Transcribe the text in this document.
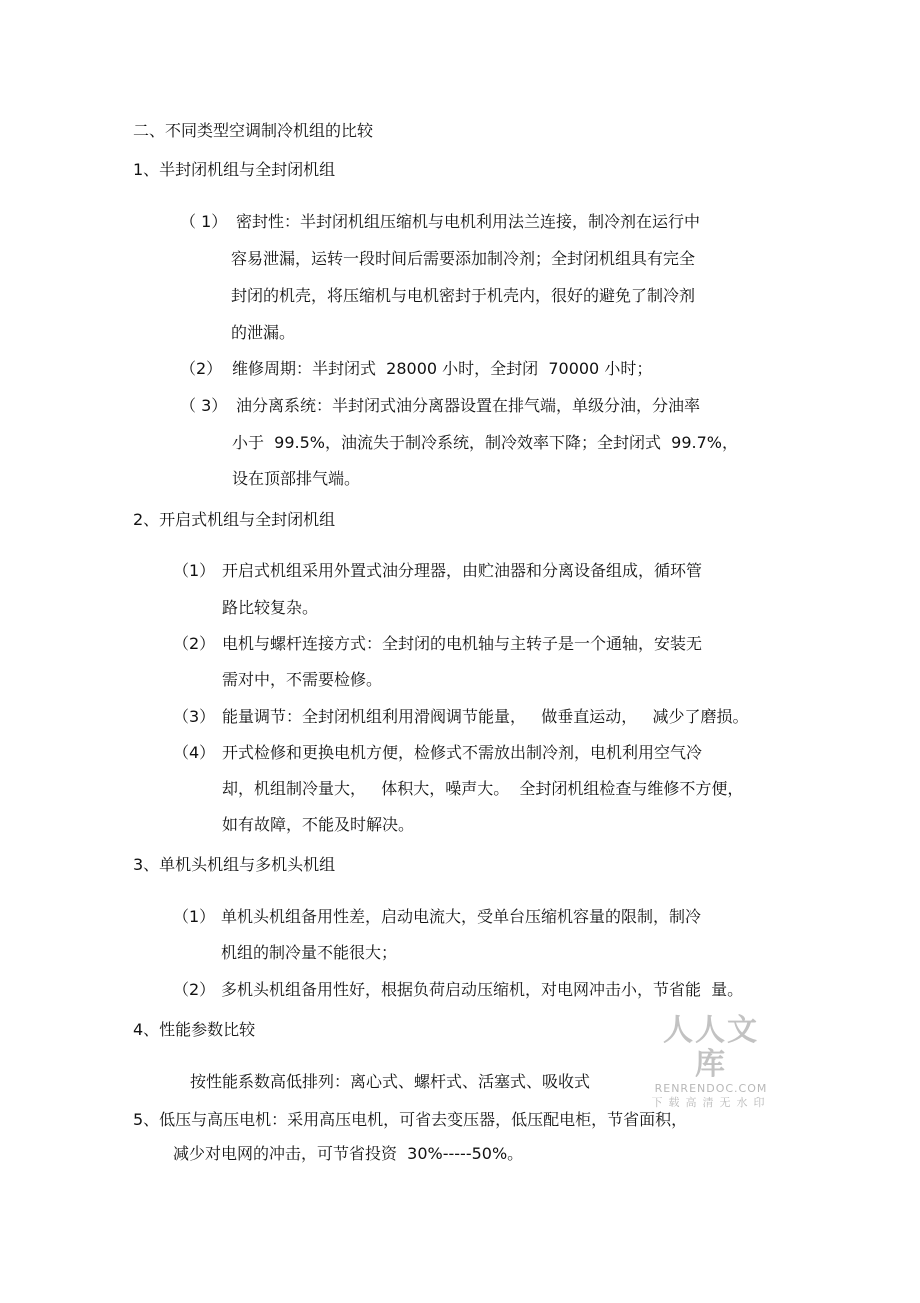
二、不同类型空调制冷机组的比较
1、半封闭机组与全封闭机组
（ 1） 密封性：半封闭机组压缩机与电机利用法兰连接，制冷剂在运行中
容易泄漏，运转一段时间后需要添加制冷剂；全封闭机组具有完全
封闭的机壳，将压缩机与电机密封于机壳内，很好的避免了制冷剂
的泄漏。
（2） 维修周期：半封闭式  28000 小时，全封闭  70000 小时；
（ 3） 油分离系统：半封闭式油分离器设置在排气端，单级分油，分油率
小于  99.5%，油流失于制冷系统，制冷效率下降；全封闭式  99.7%，
设在顶部排气端。
2、开启式机组与全封闭机组
（1） 开启式机组采用外置式油分理器，由贮油器和分离设备组成，循环管
路比较复杂。
（2） 电机与螺杆连接方式：全封闭的电机轴与主转子是一个通轴，安装无
需对中，不需要检修。
（3） 能量调节：全封闭机组利用滑阀调节能量，   做垂直运动，   减少了磨损。
（4） 开式检修和更换电机方便，检修式不需放出制冷剂，电机利用空气冷
却，机组制冷量大，   体积大，噪声大。  全封闭机组检查与维修不方便，
如有故障，不能及时解决。
3、单机头机组与多机头机组
（1） 单机头机组备用性差，启动电流大，受单台压缩机容量的限制，制冷
机组的制冷量不能很大；
（2） 多机头机组备用性好，根据负荷启动压缩机，对电网冲击小，节省能  量。
4、性能参数比较
按性能系数高低排列：离心式、螺杆式、活塞式、吸收式
5、低压与高压电机：采用高压电机，可省去变压器，低压配电柜，节省面积，
减少对电网的冲击，可节省投资  30%-----50%。
人人文库
RENRENDOC.COM
下载高清无水印
